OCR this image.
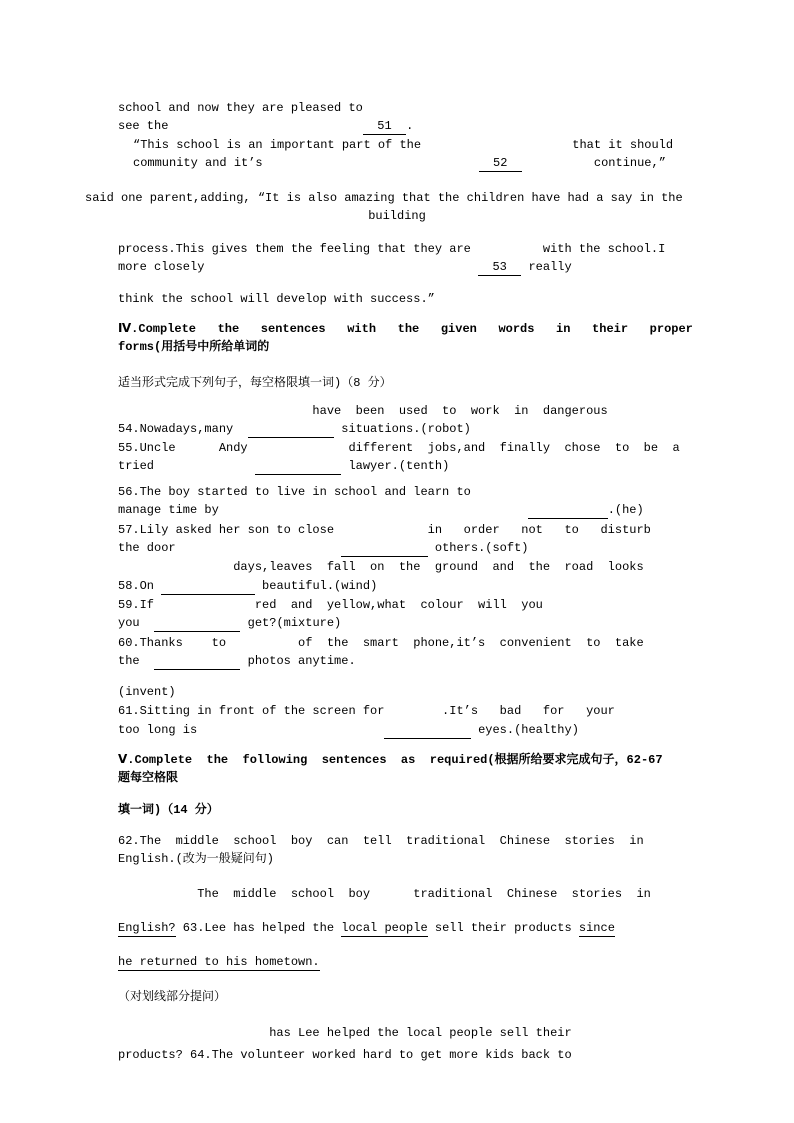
school and now they are pleased to
see the                             51  .
“This school is an important part of the                     that it should
community and it’s                                52            continue,”
said one parent,adding, “It is also amazing that the children have had a say in the
building
process.This gives them the feeling that they are          with the school.I
more closely                                        53   really
think the school will develop with success.”
Ⅳ.Complete   the   sentences   with   the   given   words   in   their   proper
forms(用括号中所给单词的
适当形式完成下列句子，每空格限填一词)（8 分）
have  been  used  to  work  in  dangerous
54.Nowadays,many	situations.(robot)
55.Uncle      Andy              different  jobs,and  finally  chose  to  be  a
tried	lawyer.(tenth)
56.The boy started to live in school and learn to
manage time by	.(he)
57.Lily asked her son to close             in   order   not   to   disturb
the door	others.(soft)
days,leaves  fall  on  the  ground  and  the  road  looks
58.On	beautiful.(wind)
59.If              red  and  yellow,what  colour  will  you
you	get?(mixture)
60.Thanks    to          of  the  smart  phone,it’s  convenient  to  take
the	photos anytime.
(invent)
61.Sitting in front of the screen for        .It’s   bad   for   your
too long is	eyes.(healthy)
Ⅴ.Complete  the  following  sentences  as  required(根据所给要求完成句子，62-67
题每空格限
填一词)（14 分）
62.The  middle  school  boy  can  tell  traditional  Chinese  stories  in
English.(改为一般疑问句)
The  middle  school  boy      traditional  Chinese  stories  in
English? 63.Lee has helped the local people sell their products since
he returned to his hometown.
（对划线部分提问）
has Lee helped the local people sell their
products? 64.The volunteer worked hard to get more kids back to
